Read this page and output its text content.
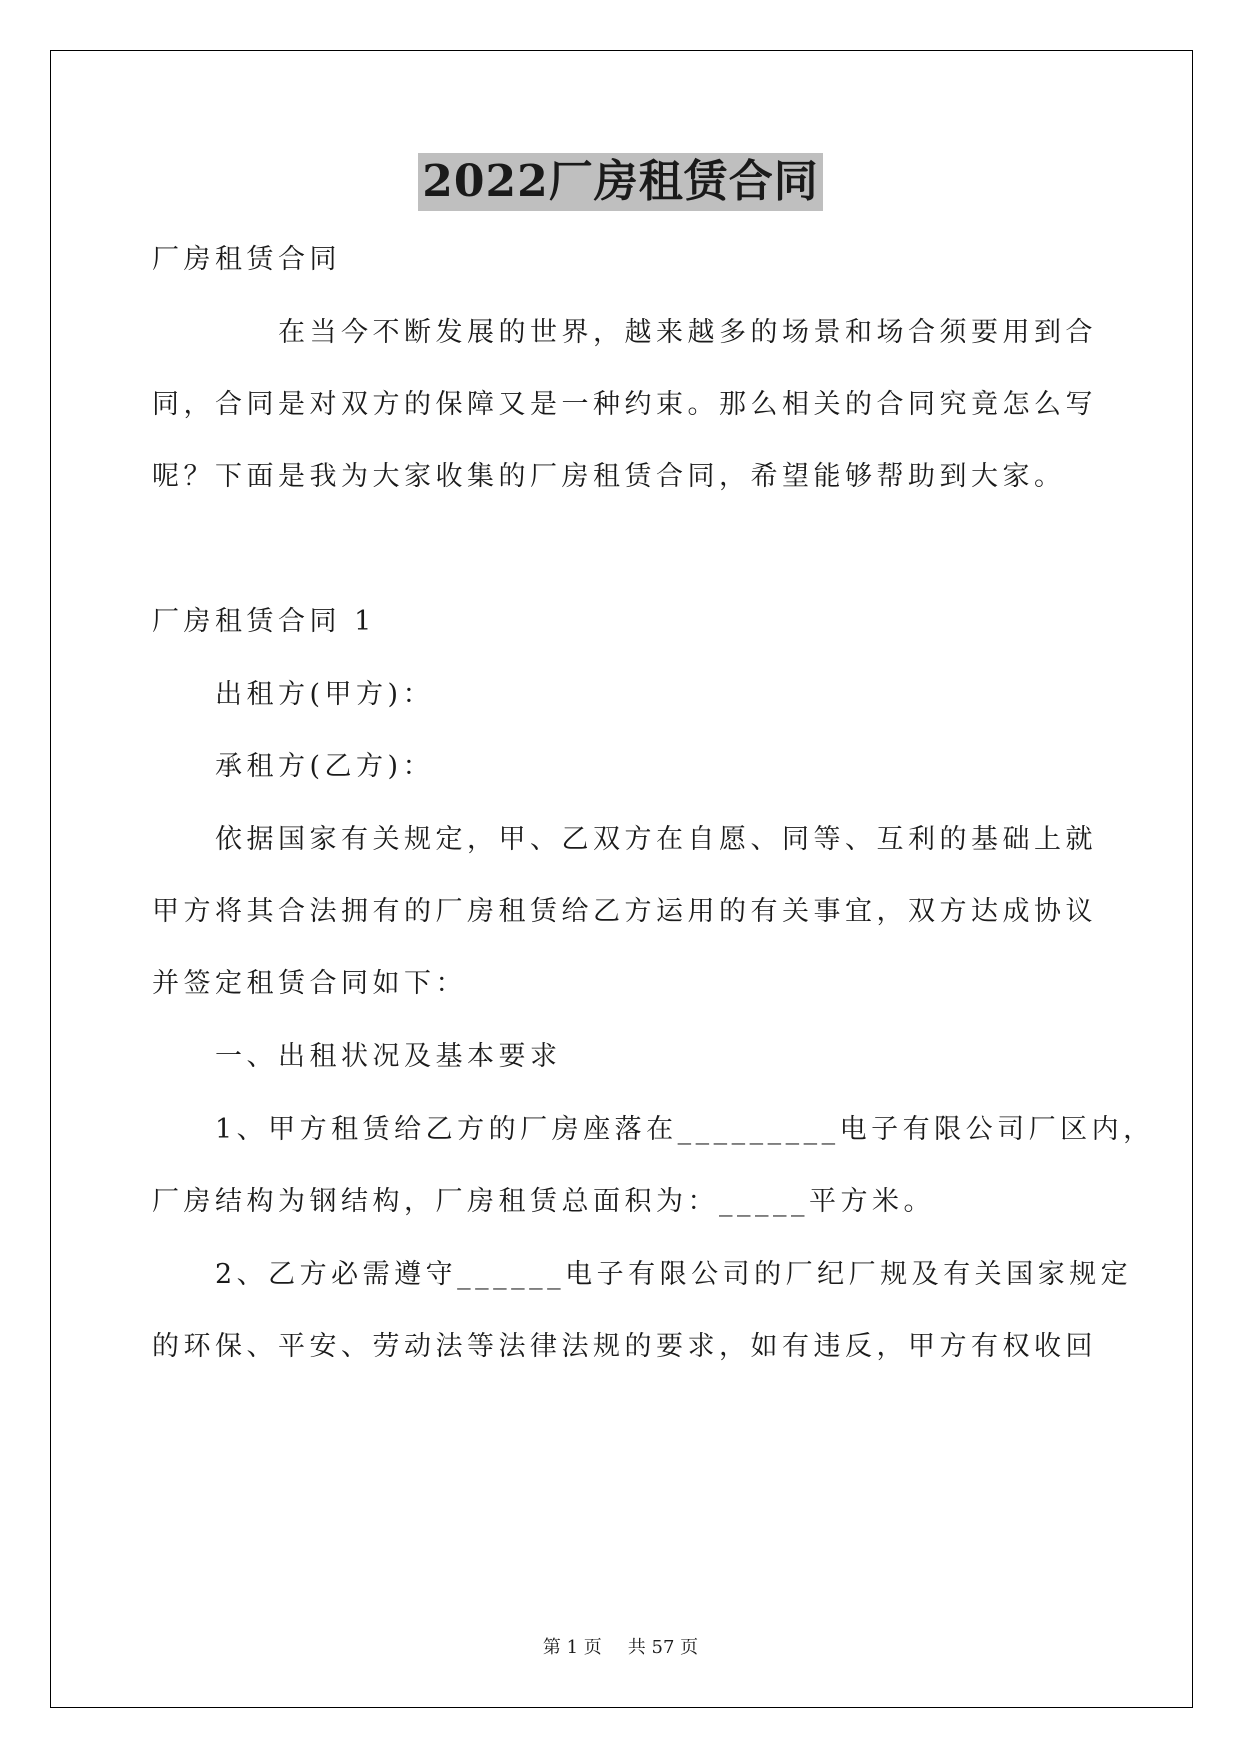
2022厂房租赁合同
厂房租赁合同
在当今不断发展的世界，越来越多的场景和场合须要用到合
同，合同是对双方的保障又是一种约束。那么相关的合同究竟怎么写
呢？下面是我为大家收集的厂房租赁合同，希望能够帮助到大家。
厂房租赁合同 1
出租方(甲方)：
承租方(乙方)：
依据国家有关规定，甲、乙双方在自愿、同等、互利的基础上就
甲方将其合法拥有的厂房租赁给乙方运用的有关事宜，双方达成协议
并签定租赁合同如下：
一、出租状况及基本要求
1、甲方租赁给乙方的厂房座落在_________电子有限公司厂区内，
厂房结构为钢结构，厂房租赁总面积为：_____平方米。
2、乙方必需遵守______电子有限公司的厂纪厂规及有关国家规定
的环保、平安、劳动法等法律法规的要求，如有违反，甲方有权收回
第 1 页 共 57 页
